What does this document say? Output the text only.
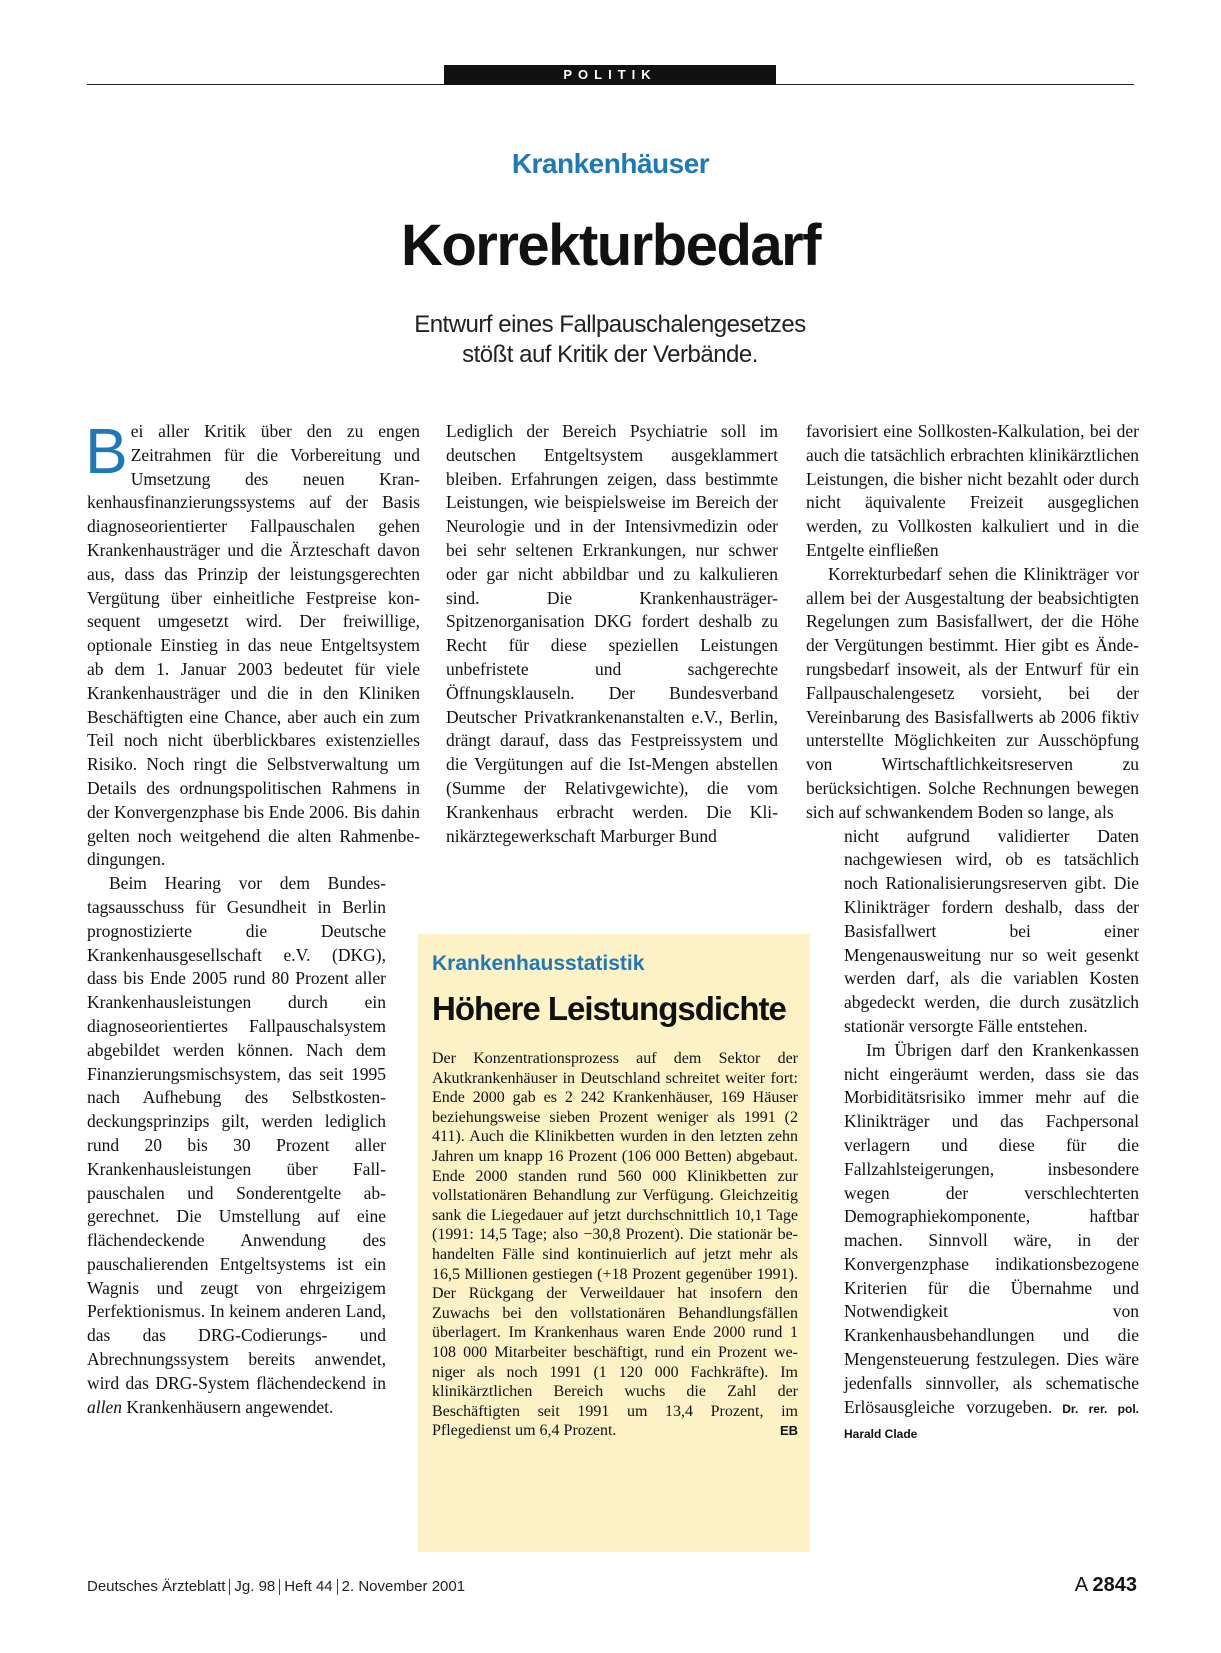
POLITIK
Krankenhäuser
Korrekturbedarf
Entwurf eines Fallpauschalengesetzes
stößt auf Kritik der Verbände.

Bei aller Kritik über den zu engen Zeitrahmen für die Vorbereitung und Umsetzung des neuen Krankenhausfinanzierungssystems auf der Basis diagnoseorientierter Fallpauschalen gehen Krankenhausträger und die Ärzteschaft davon aus, dass das Prinzip der leistungsgerechten Vergütung über einheitliche Festpreise konsequent umgesetzt wird. Der freiwillige, optionale Einstieg in das neue Entgeltsystem ab dem 1. Januar 2003 bedeutet für viele Krankenhausträger und die in den Kliniken Beschäftigten eine Chance, aber auch ein zum Teil noch nicht überblickbares existenzielles Risiko. Noch ringt die Selbstverwaltung um Details des ordnungspolitischen Rahmens in der Konvergenzphase bis Ende 2006. Bis dahin gelten noch weitgehend die alten Rahmenbedingungen.

Beim Hearing vor dem Bundestagsausschuss für Gesundheit in Berlin prognostizierte die Deutsche Krankenhausgesellschaft e.V. (DKG), dass bis Ende 2005 rund 80 Prozent aller Krankenhausleistungen durch ein diagnoseorientiertes Fallpauschalsystem abgebildet werden können. Nach dem Finanzierungsmischsystem, das seit 1995 nach Aufhebung des Selbstkostendeckungsprinzips gilt, werden lediglich rund 20 bis 30 Prozent aller Krankenhausleistungen über Fallpauschalen und Sonderentgelte abgerechnet. Die Umstellung auf eine flächendeckende Anwendung des pauschalierenden Entgeltsystems ist ein Wagnis und zeugt von ehrgeizigem Perfektionismus. In keinem anderen Land, das das DRG-Codierungs- und Abrechnungssystem bereits anwendet, wird das DRG-System flächendeckend in allen Krankenhäusern angewendet.

Lediglich der Bereich Psychiatrie soll im deutschen Entgeltsystem ausgeklammert bleiben. Erfahrungen zeigen, dass bestimmte Leistungen, wie beispielsweise im Bereich der Neurologie und in der Intensivmedizin oder bei sehr seltenen Erkrankungen, nur schwer oder gar nicht abbildbar und zu kalkulieren sind. Die Krankenhausträger-Spitzenorganisation DKG fordert deshalb zu Recht für diese speziellen Leistungen unbefristete und sachgerechte Öffnungsklauseln. Der Bundesverband Deutscher Privatkrankenanstalten e.V., Berlin, drängt darauf, dass das Festpreissystem und die Vergütungen auf die Ist-Mengen abstellen (Summe der Relativgewichte), die vom Krankenhaus erbracht werden. Die Klinikärztegewerkschaft Marburger Bund

favorisiert eine Sollkosten-Kalkulation, bei der auch die tatsächlich erbrachten klinikärztlichen Leistungen, die bisher nicht bezahlt oder durch nicht äquivalente Freizeit ausgeglichen werden, zu Vollkosten kalkuliert und in die Entgelte einfließen

Korrekturbedarf sehen die Klinikträger vor allem bei der Ausgestaltung der beabsichtigten Regelungen zum Basisfallwert, der die Höhe der Vergütungen bestimmt. Hier gibt es Änderungsbedarf insoweit, als der Entwurf für ein Fallpauschalengesetz vorsieht, bei der Vereinbarung des Basisfallwerts ab 2006 fiktiv unterstellte Möglichkeiten zur Ausschöpfung von Wirtschaftlichkeitsreserven zu berücksichtigen. Solche Rechnungen bewegen sich auf schwankendem Boden so lange, als

nicht aufgrund validierter Daten nachgewiesen wird, ob es tatsächlich noch Rationalisierungsreserven gibt. Die Klinikträger fordern deshalb, dass der Basisfallwert bei einer Mengenausweitung nur so weit gesenkt werden darf, als die variablen Kosten abgedeckt werden, die durch zusätzlich stationär versorgte Fälle entstehen.

Im Übrigen darf den Krankenkassen nicht eingeräumt werden, dass sie das Morbiditätsrisiko immer mehr auf die Klinikträger und das Fachpersonal verlagern und diese für die Fallzahlsteigerungen, insbesondere wegen der verschlechterten Demographiekomponente, haftbar machen. Sinnvoll wäre, in der Konvergenzphase indikationsbezogene Kriterien für die Übernahme und Notwendigkeit von Krankenhausbehandlungen und die Mengensteuerung festzulegen. Dies wäre jedenfalls sinnvoller, als schematische Erlösausgleiche vorzugeben. Dr. rer. pol. Harald Clade

Krankenhausstatistik
Höhere Leistungsdichte
Der Konzentrationsprozess auf dem Sektor der Akutkrankenhäuser in Deutschland schreitet weiter fort: Ende 2000 gab es 2 242 Krankenhäuser, 169 Häuser beziehungsweise sieben Prozent weniger als 1991 (2 411). Auch die Klinikbetten wurden in den letzten zehn Jahren um knapp 16 Prozent (106 000 Betten) abgebaut. Ende 2000 standen rund 560 000 Klinikbetten zur vollstationären Behandlung zur Verfügung. Gleichzeitig sank die Liegedauer auf jetzt durchschnittlich 10,1 Tage (1991: 14,5 Tage; also −30,8 Prozent). Die stationär behandelten Fälle sind kontinuierlich auf jetzt mehr als 16,5 Millionen gestiegen (+18 Prozent gegenüber 1991). Der Rückgang der Verweildauer hat insofern den Zuwachs bei den vollstationären Behandlungsfällen überlagert. Im Krankenhaus waren Ende 2000 rund 1 108 000 Mitarbeiter beschäftigt, rund ein Prozent weniger als noch 1991 (1 120 000 Fachkräfte). Im klinikärztlichen Bereich wuchs die Zahl der Beschäftigten seit 1991 um 13,4 Prozent, im Pflegedienst um 6,4 Prozent.	EB
Deutsches Ärzteblatt Jg. 98 Heft 44 2. November 2001	A 2843
